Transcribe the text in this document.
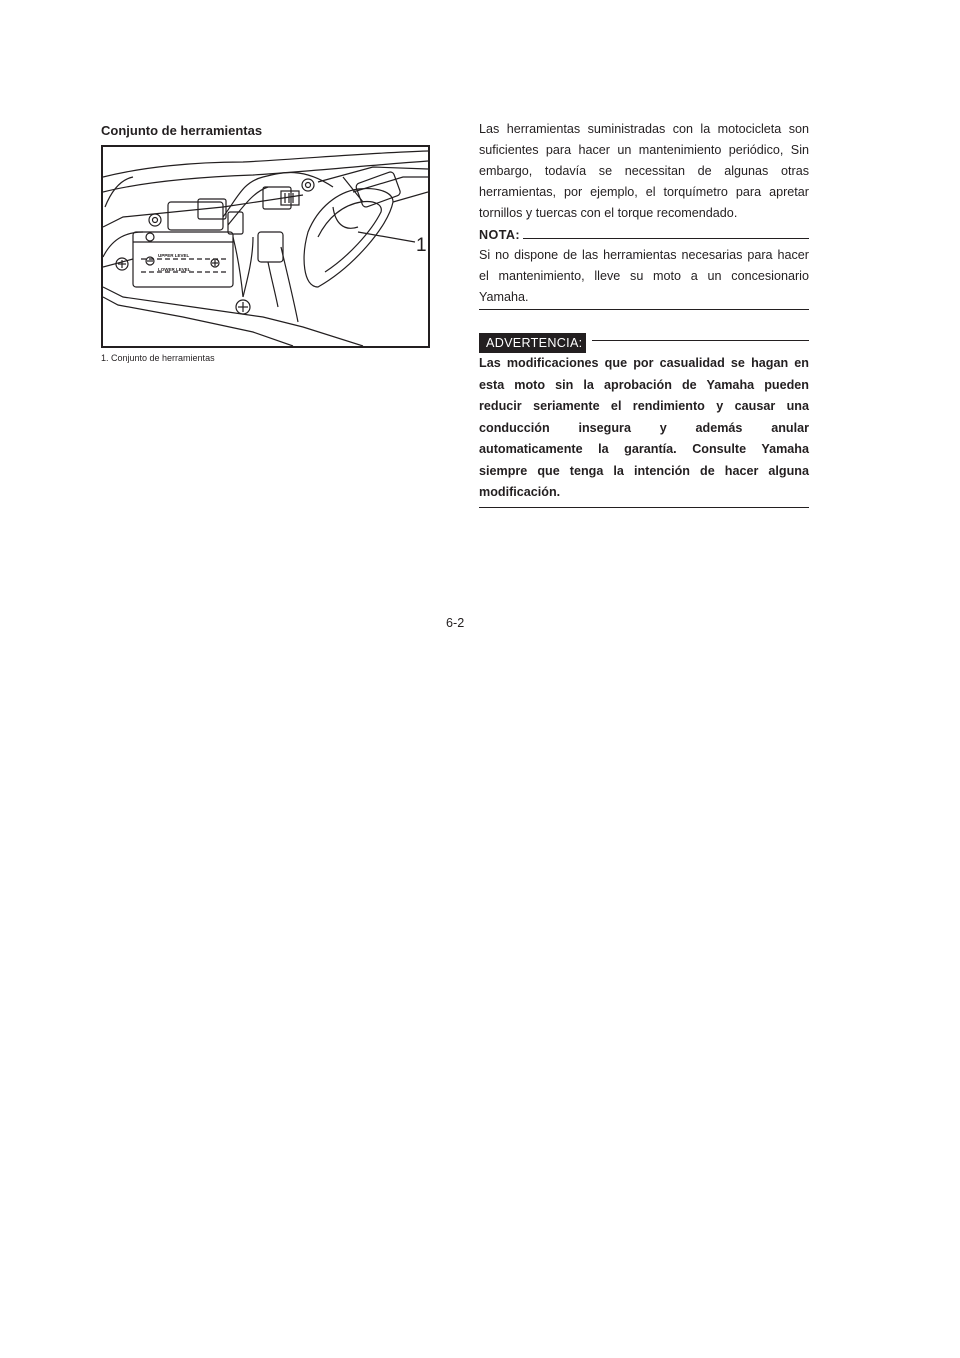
Conjunto de herramientas
UPPER LEVEL
LOWER LEVEL
1

1. Conjunto de herramientas

Las herramientas suministradas con la motocicleta son suficientes para hacer un mantenimiento periódico, Sin embargo, todavía se necessitan de algunas otras herramientas, por ejemplo, el torquímetro para apretar tornillos y tuercas con el torque recomendado.

NOTA:

Si no dispone de las herramientas necesarias para hacer el mantenimiento, lleve su moto a un concesionario Yamaha.

ADVERTENCIA:

Las modificaciones que por casualidad se hagan en esta moto sin la aprobación de Yamaha pueden reducir seriamente el rendimiento y causar una conducción insegura y además anular automaticamente la garantía. Consulte Yamaha siempre que tenga la intención de hacer alguna modificación.

6-2
